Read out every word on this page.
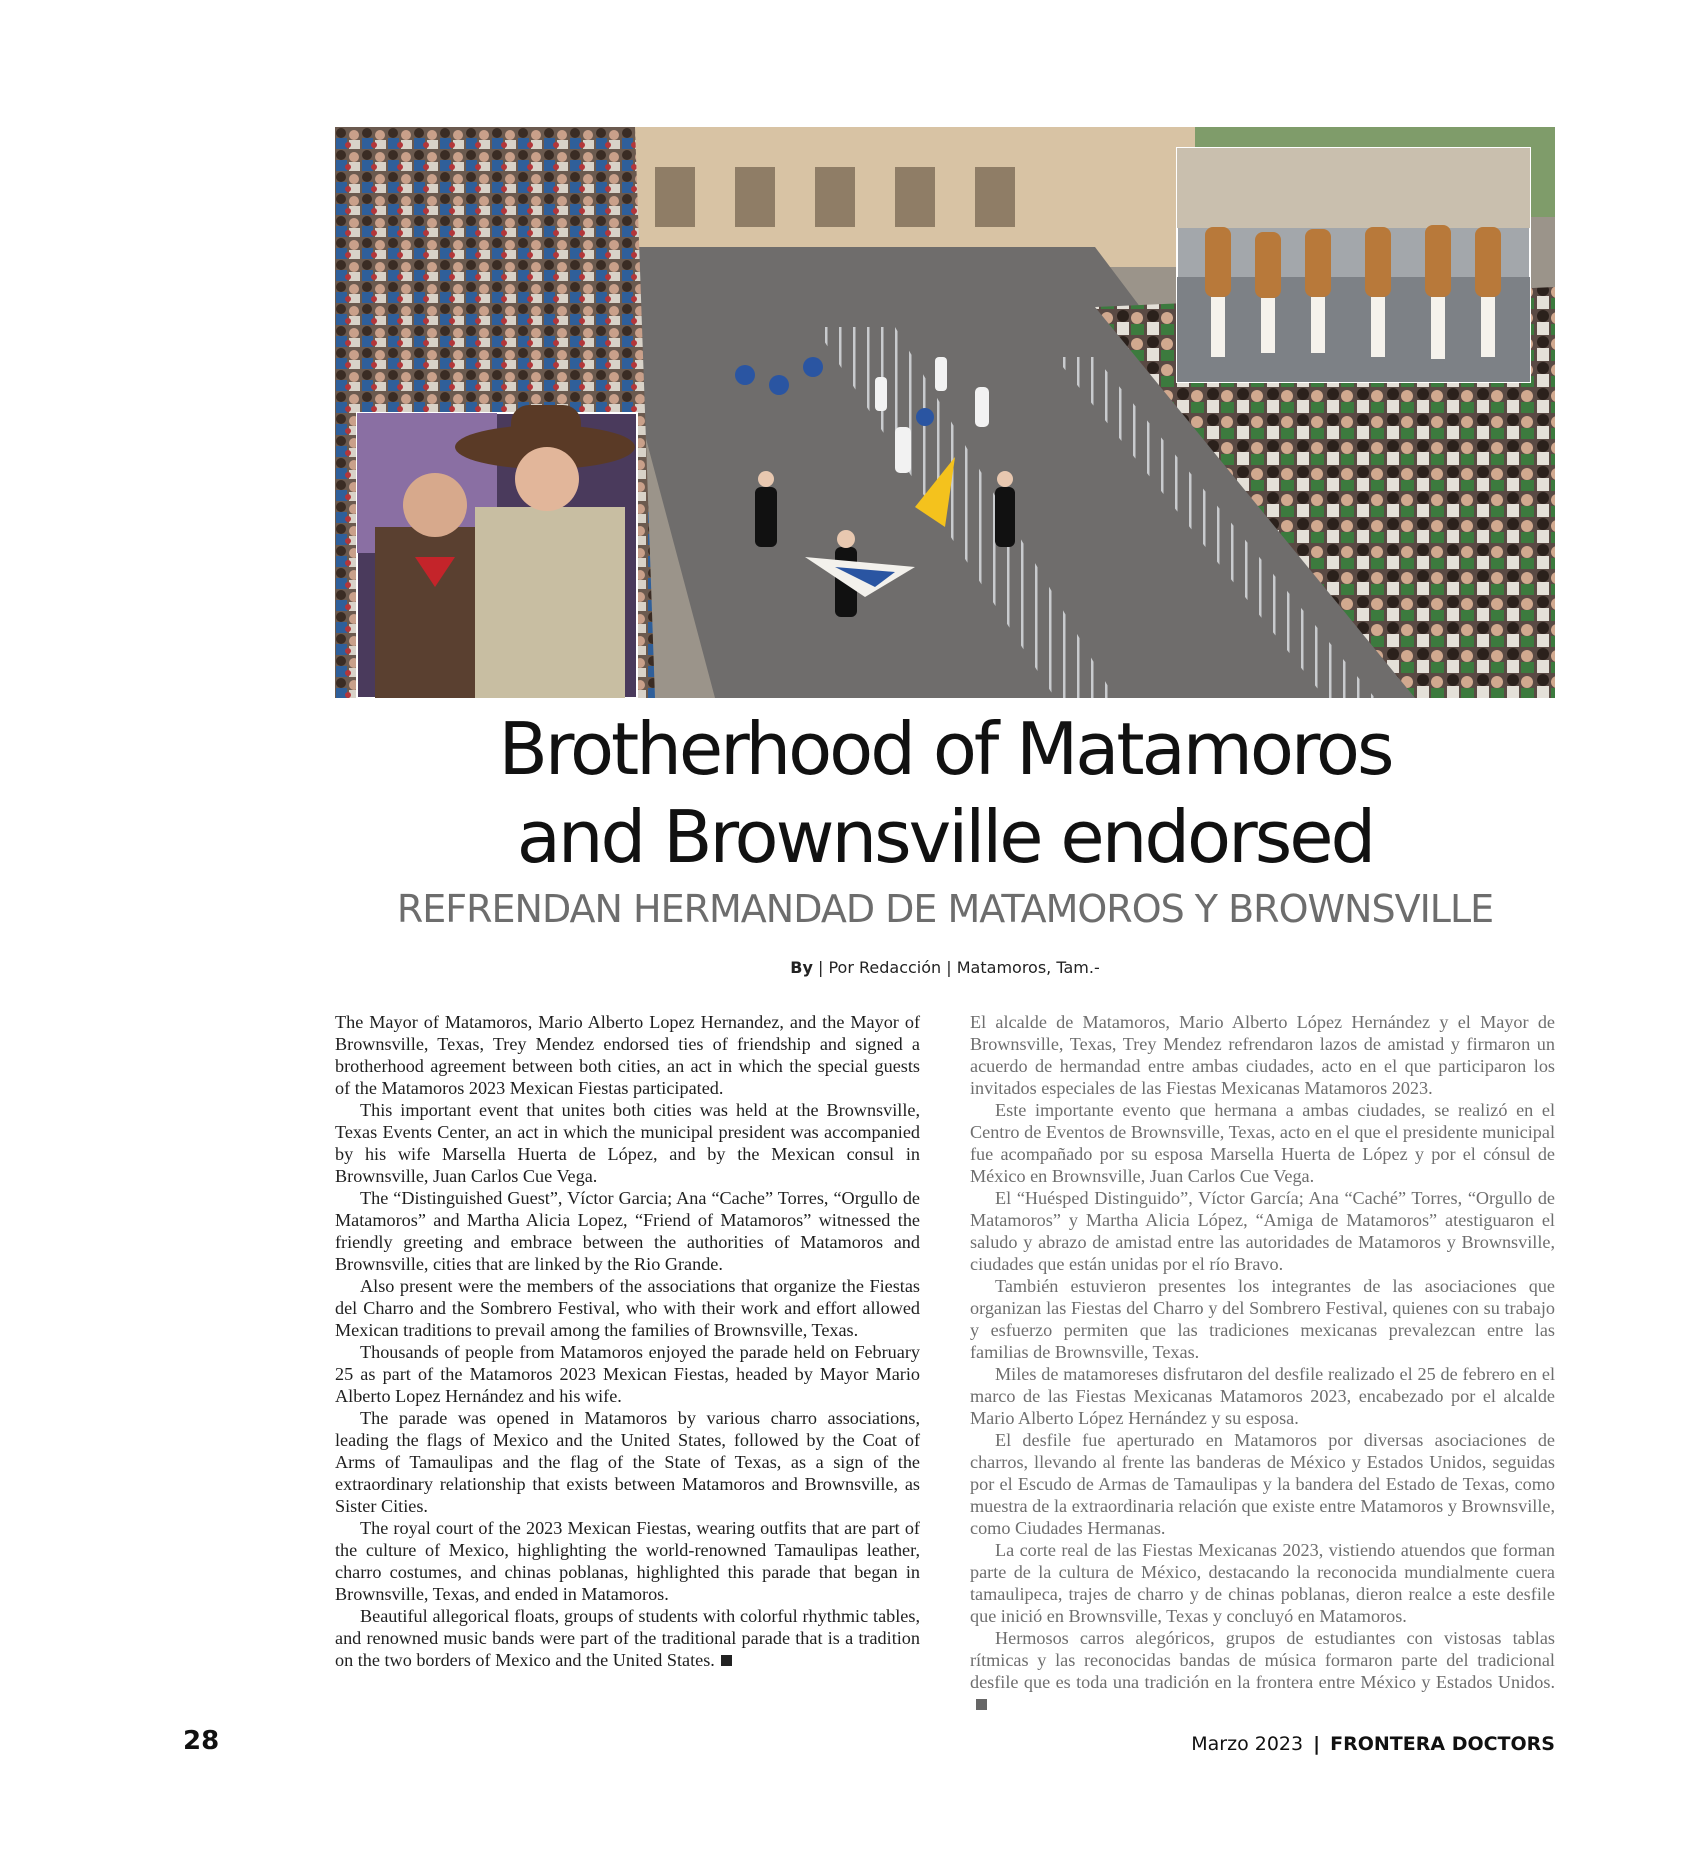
Brotherhood of Matamoros
and Brownsville endorsed
REFRENDAN HERMANDAD DE MATAMOROS Y BROWNSVILLE
By | Por Redacción | Matamoros, Tam.-

The Mayor of Matamoros, Mario Alberto Lopez Hernandez, and the Mayor of Brownsville, Texas, Trey Mendez endorsed ties of friendship and signed a brotherhood agreement between both cities, an act in which the special guests of the Matamoros 2023 Mexican Fiestas participated.

This important event that unites both cities was held at the Brownsville, Texas Events Center, an act in which the municipal president was accompanied by his wife Marsella Huerta de López, and by the Mexican consul in Brownsville, Juan Carlos Cue Vega.

The “Distinguished Guest”, Víctor Garcia; Ana “Cache” Torres, “Orgullo de Matamoros” and Martha Alicia Lopez, “Friend of Matamoros” witnessed the friendly greeting and embrace between the authorities of Matamoros and Brownsville, cities that are linked by the Rio Grande.

Also present were the members of the associations that organize the Fiestas del Charro and the Sombrero Festival, who with their work and effort allowed Mexican traditions to prevail among the families of Brownsville, Texas.

Thousands of people from Matamoros enjoyed the parade held on February 25 as part of the Matamoros 2023 Mexican Fiestas, headed by Mayor Mario Alberto Lopez Hernández and his wife.

The parade was opened in Matamoros by various charro associations, leading the flags of Mexico and the United States, followed by the Coat of Arms of Tamaulipas and the flag of the State of Texas, as a sign of the extraordinary relationship that exists between Matamoros and Brownsville, as Sister Cities.

The royal court of the 2023 Mexican Fiestas, wearing outfits that are part of the culture of Mexico, highlighting the world-renowned Tamaulipas leather, charro costumes, and chinas poblanas, highlighted this parade that began in Brownsville, Texas, and ended in Matamoros.

Beautiful allegorical floats, groups of students with colorful rhythmic tables, and renowned music bands were part of the traditional parade that is a tradition on the two borders of Mexico and the United States.

El alcalde de Matamoros, Mario Alberto López Hernández y el Mayor de Brownsville, Texas, Trey Mendez refrendaron lazos de amistad y firmaron un acuerdo de hermandad entre ambas ciudades, acto en el que participaron los invitados especiales de las Fiestas Mexicanas Matamoros 2023.

Este importante evento que hermana a ambas ciudades, se realizó en el Centro de Eventos de Brownsville, Texas, acto en el que el presidente municipal fue acompañado por su esposa Marsella Huerta de López y por el cónsul de México en Brownsville, Juan Carlos Cue Vega.

El “Huésped Distinguido”, Víctor García; Ana “Caché” Torres, “Orgullo de Matamoros” y Martha Alicia López, “Amiga de Matamoros” atestiguaron el saludo y abrazo de amistad entre las autoridades de Matamoros y Brownsville, ciudades que están unidas por el río Bravo.

También estuvieron presentes los integrantes de las asociaciones que organizan las Fiestas del Charro y del Sombrero Festival, quienes con su trabajo y esfuerzo permiten que las tradiciones mexicanas prevalezcan entre las familias de Brownsville, Texas.

Miles de matamoreses disfrutaron del desfile realizado el 25 de febrero en el marco de las Fiestas Mexicanas Matamoros 2023, encabezado por el alcalde Mario Alberto López Hernández y su esposa.

El desfile fue aperturado en Matamoros por diversas asociaciones de charros, llevando al frente las banderas de México y Estados Unidos, seguidas por el Escudo de Armas de Tamaulipas y la bandera del Estado de Texas, como muestra de la extraordinaria relación que existe entre Matamoros y Brownsville, como Ciudades Hermanas.

La corte real de las Fiestas Mexicanas 2023, vistiendo atuendos que forman parte de la cultura de México, destacando la reconocida mundialmente cuera tamaulipeca, trajes de charro y de chinas poblanas, dieron realce a este desfile que inició en Brownsville, Texas y concluyó en Matamoros.

Hermosos carros alegóricos, grupos de estudiantes con vistosas tablas rítmicas y las reconocidas bandas de música formaron parte del tradicional desfile que es toda una tradición en la frontera entre México y Estados Unidos.

28	Marzo 2023 | FRONTERA DOCTORS
